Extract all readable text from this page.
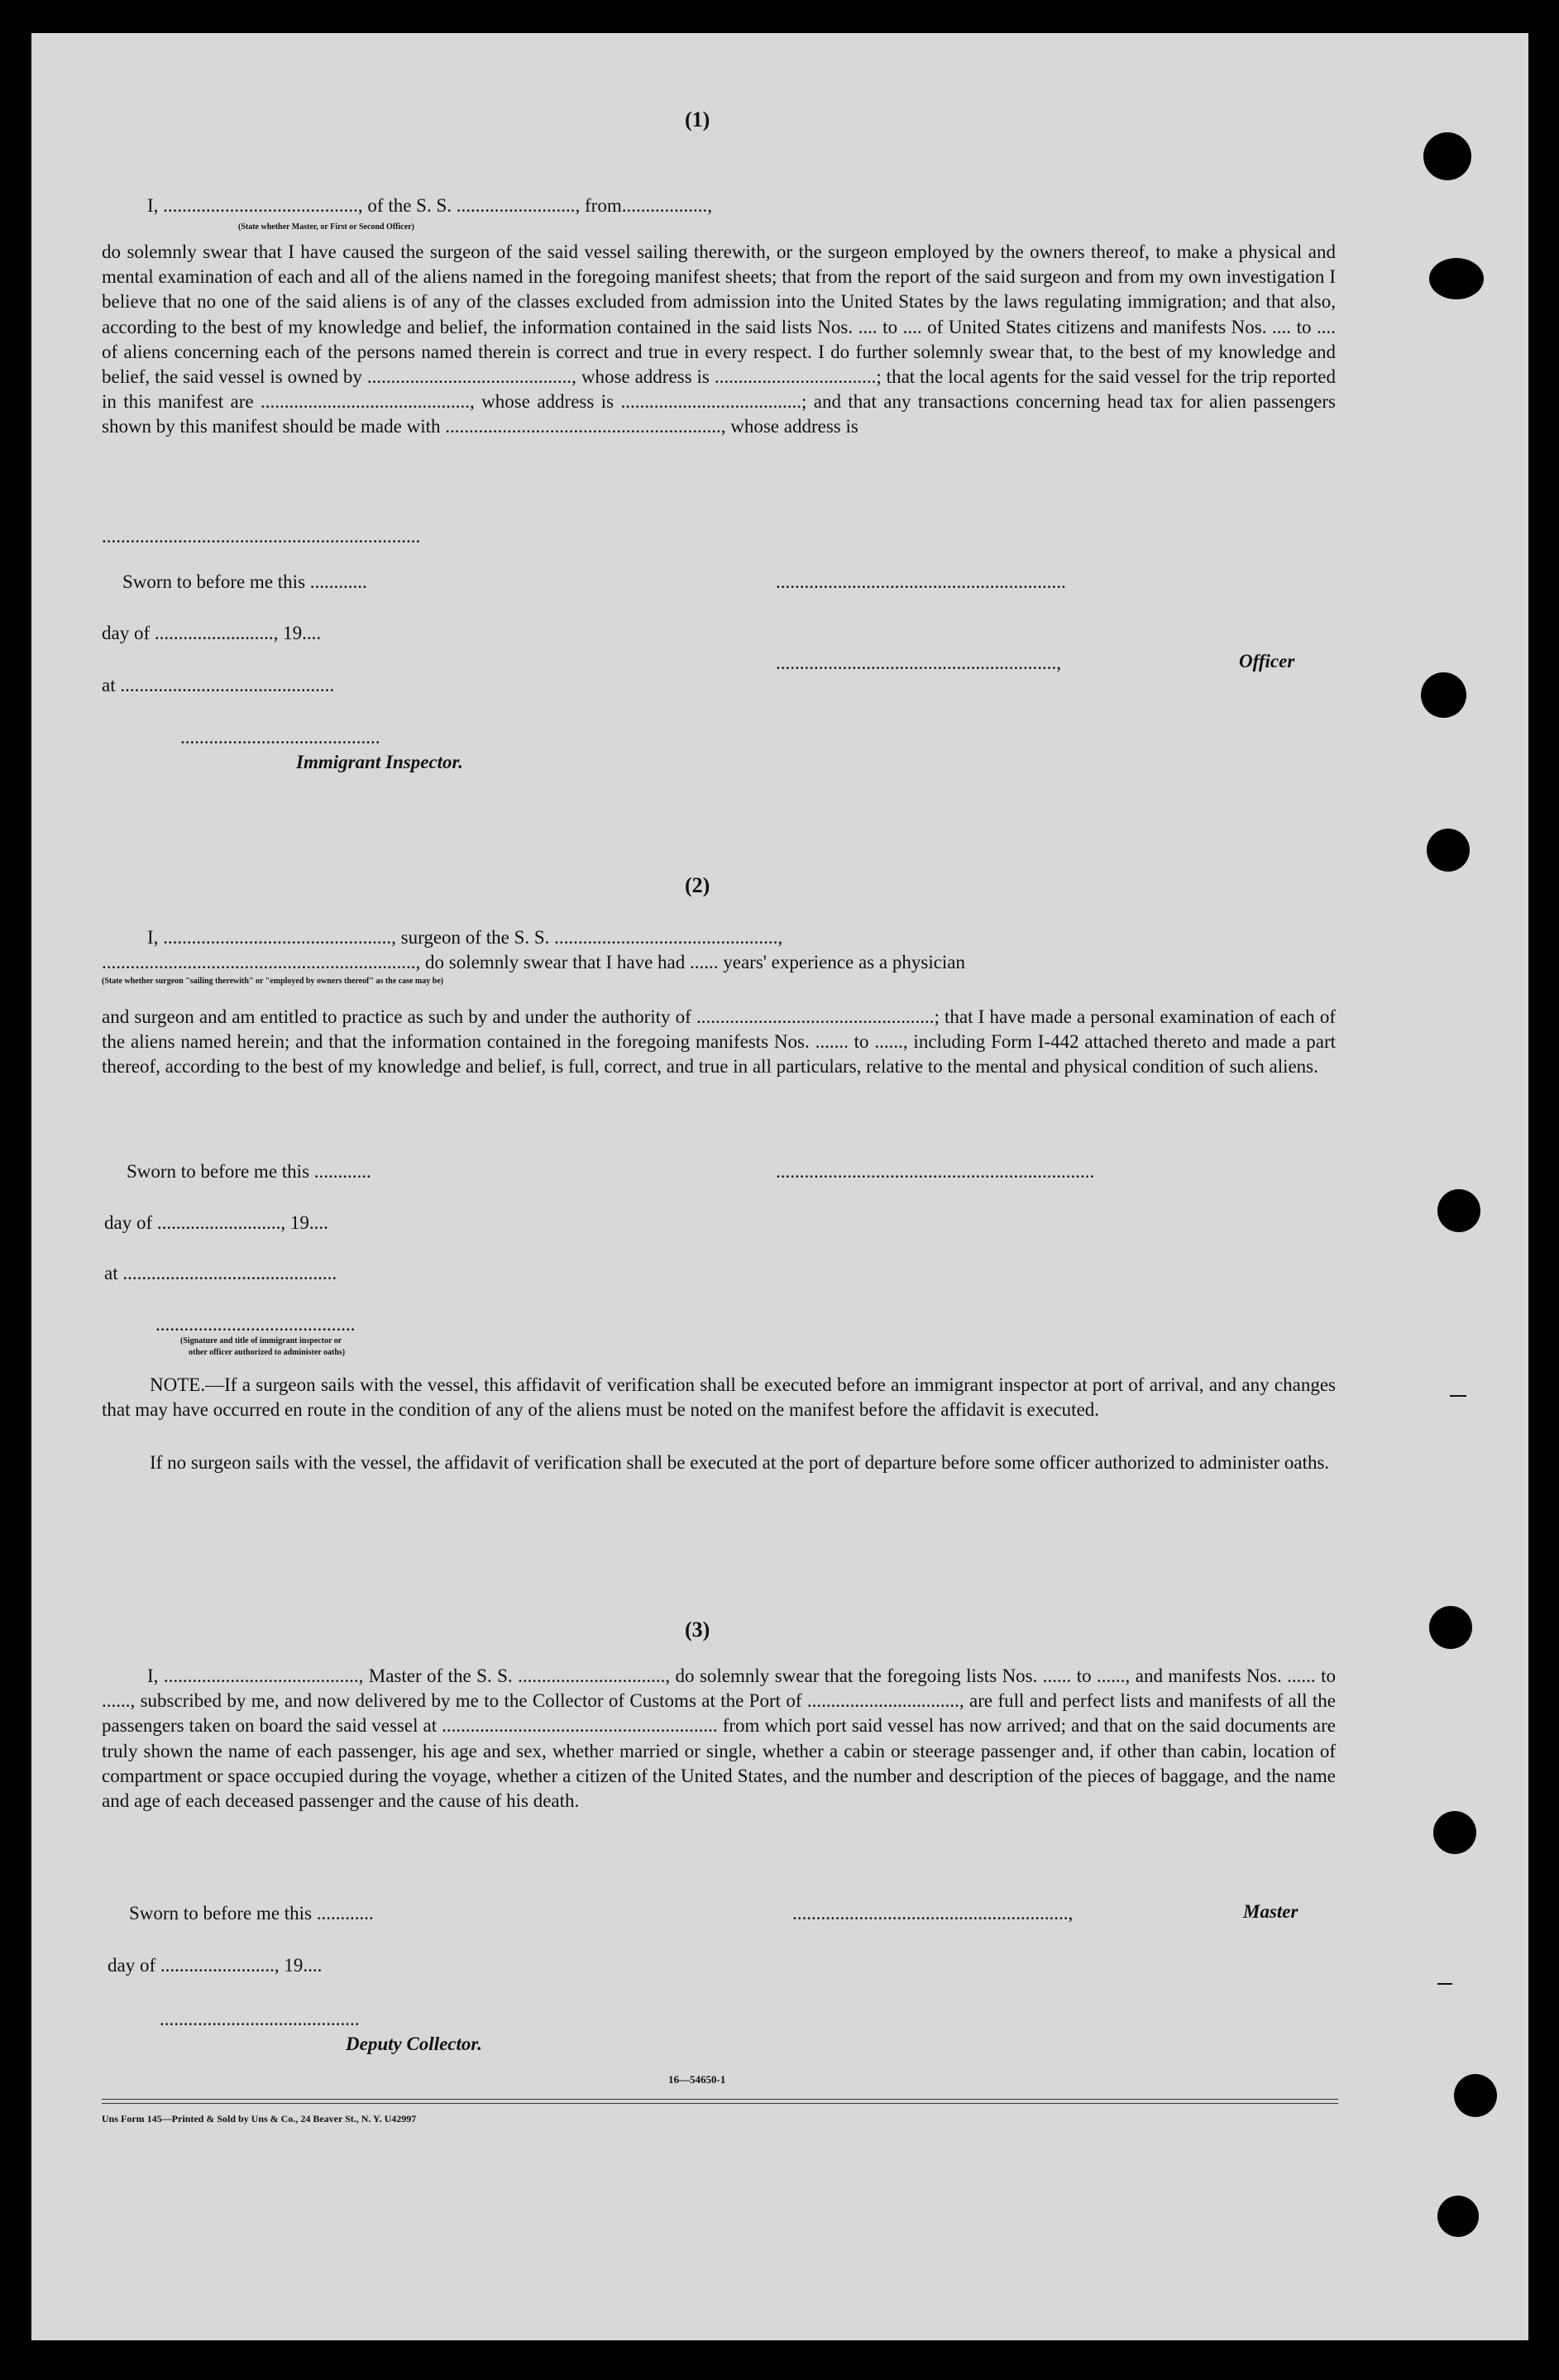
(1)
I, ........................................., of the S. S. ........................., from..................,
(State whether Master, or First or Second Officer)
do solemnly swear that I have caused the surgeon of the said vessel sailing therewith, or the surgeon employed by the owners thereof, to make a physical and mental examination of each and all of the aliens named in the foregoing manifest sheets; that from the report of the said surgeon and from my own investigation I believe that no one of the said aliens is of any of the classes excluded from admission into the United States by the laws regulating immigration; and that also, according to the best of my knowledge and belief, the information contained in the said lists Nos. .... to .... of United States citizens and manifests Nos. .... to .... of aliens concerning each of the persons named therein is correct and true in every respect. I do further solemnly swear that, to the best of my knowledge and belief, the said vessel is owned by ..........................................., whose address is ..................................; that the local agents for the said vessel for the trip reported in this manifest are ............................................, whose address is ......................................; and that any transactions concerning head tax for alien passengers shown by this manifest should be made with .........................................................., whose address is
...................................................................
Sworn to before me this ............	.............................................................
day of ........................., 19....
...........................................................,	Officer
at .............................................
..........................................
Immigrant Inspector.
(2)
I, ................................................, surgeon of the S. S. ...............................................,
.................................................................., do solemnly swear that I have had ...... years' experience as a physician
(State whether surgeon "sailing therewith" or "employed by owners thereof" as the case may be)
and surgeon and am entitled to practice as such by and under the authority of ..................................................; that I have made a personal examination of each of the aliens named herein; and that the information contained in the foregoing manifests Nos. ....... to ......, including Form I-442 attached thereto and made a part thereof, according to the best of my knowledge and belief, is full, correct, and true in all particulars, relative to the mental and physical condition of such aliens.
Sworn to before me this ............	...................................................................
day of .........................., 19....
at .............................................
..........................................
(Signature and title of immigrant inspector or
other officer authorized to administer oaths)
NOTE.—If a surgeon sails with the vessel, this affidavit of verification shall be executed before an immigrant inspector at port of arrival, and any changes that may have occurred en route in the condition of any of the aliens must be noted on the manifest before the affidavit is executed.
If no surgeon sails with the vessel, the affidavit of verification shall be executed at the port of departure before some officer authorized to administer oaths.
(3)
I, ........................................., Master of the S. S. ..............................., do solemnly swear that the foregoing lists Nos. ...... to ......, and manifests Nos. ...... to ......, subscribed by me, and now delivered by me to the Collector of Customs at the Port of ................................, are full and perfect lists and manifests of all the passengers taken on board the said vessel at .......................................................... from which port said vessel has now arrived; and that on the said documents are truly shown the name of each passenger, his age and sex, whether married or single, whether a cabin or steerage passenger and, if other than cabin, location of compartment or space occupied during the voyage, whether a citizen of the United States, and the number and description of the pieces of baggage, and the name and age of each deceased passenger and the cause of his death.
Sworn to before me this ............	..........................................................,	Master
day of ........................, 19....
..........................................
Deputy Collector.
16—54650-1
Uns Form 145—Printed & Sold by Uns & Co., 24 Beaver St., N. Y. U42997
